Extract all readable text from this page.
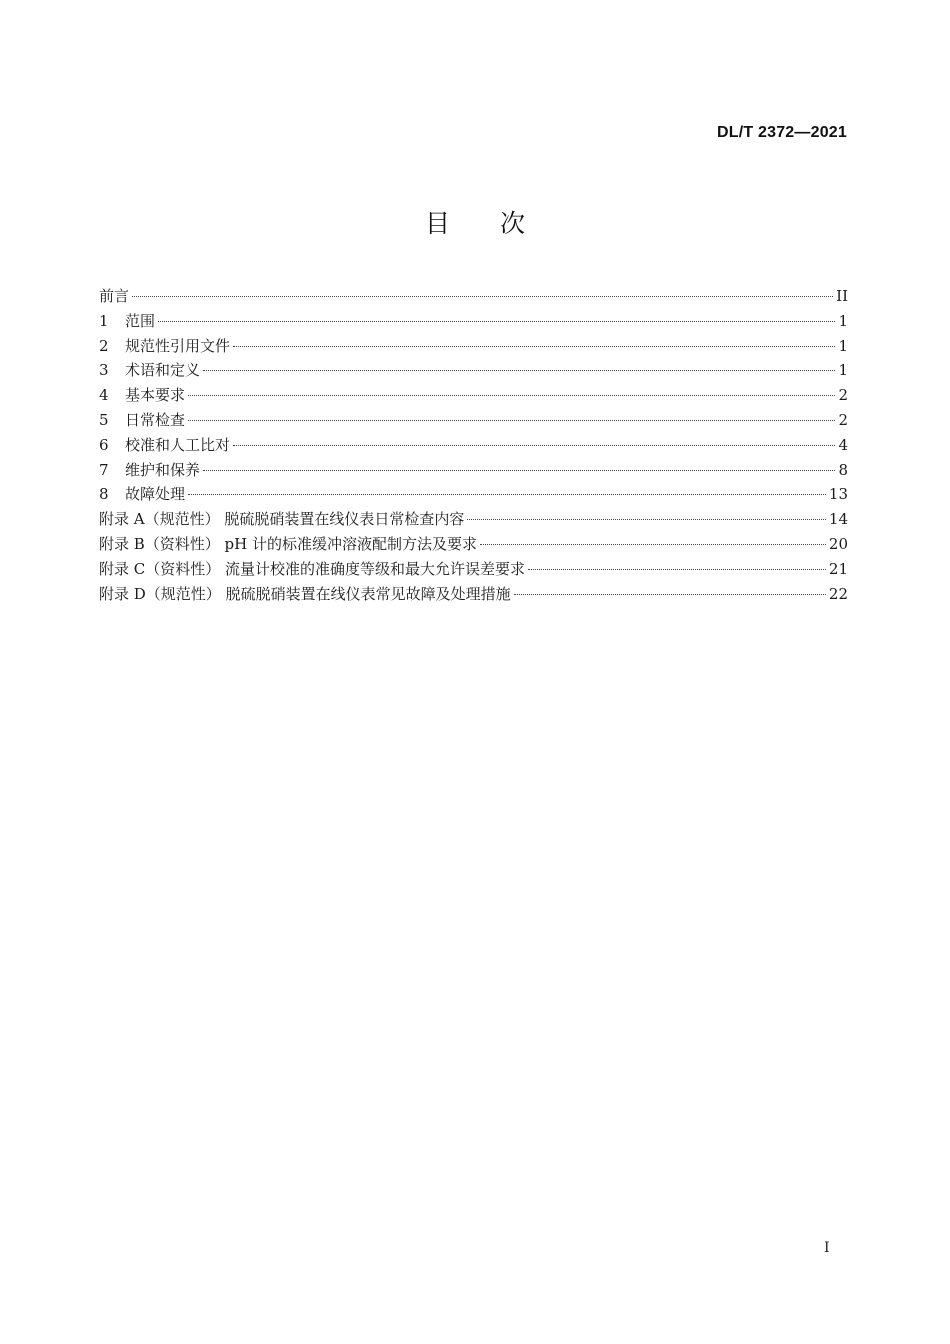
DL/T 2372—2021
目次
前言	II
1	范围	1
2	规范性引用文件	1
3	术语和定义	1
4	基本要求	2
5	日常检查	2
6	校准和人工比对	4
7	维护和保养	8
8	故障处理	13
附录 A（规范性） 脱硫脱硝装置在线仪表日常检查内容	14
附录 B（资料性） pH 计的标准缓冲溶液配制方法及要求	20
附录 C（资料性） 流量计校准的准确度等级和最大允许误差要求	21
附录 D（规范性） 脱硫脱硝装置在线仪表常见故障及处理措施	22
I
